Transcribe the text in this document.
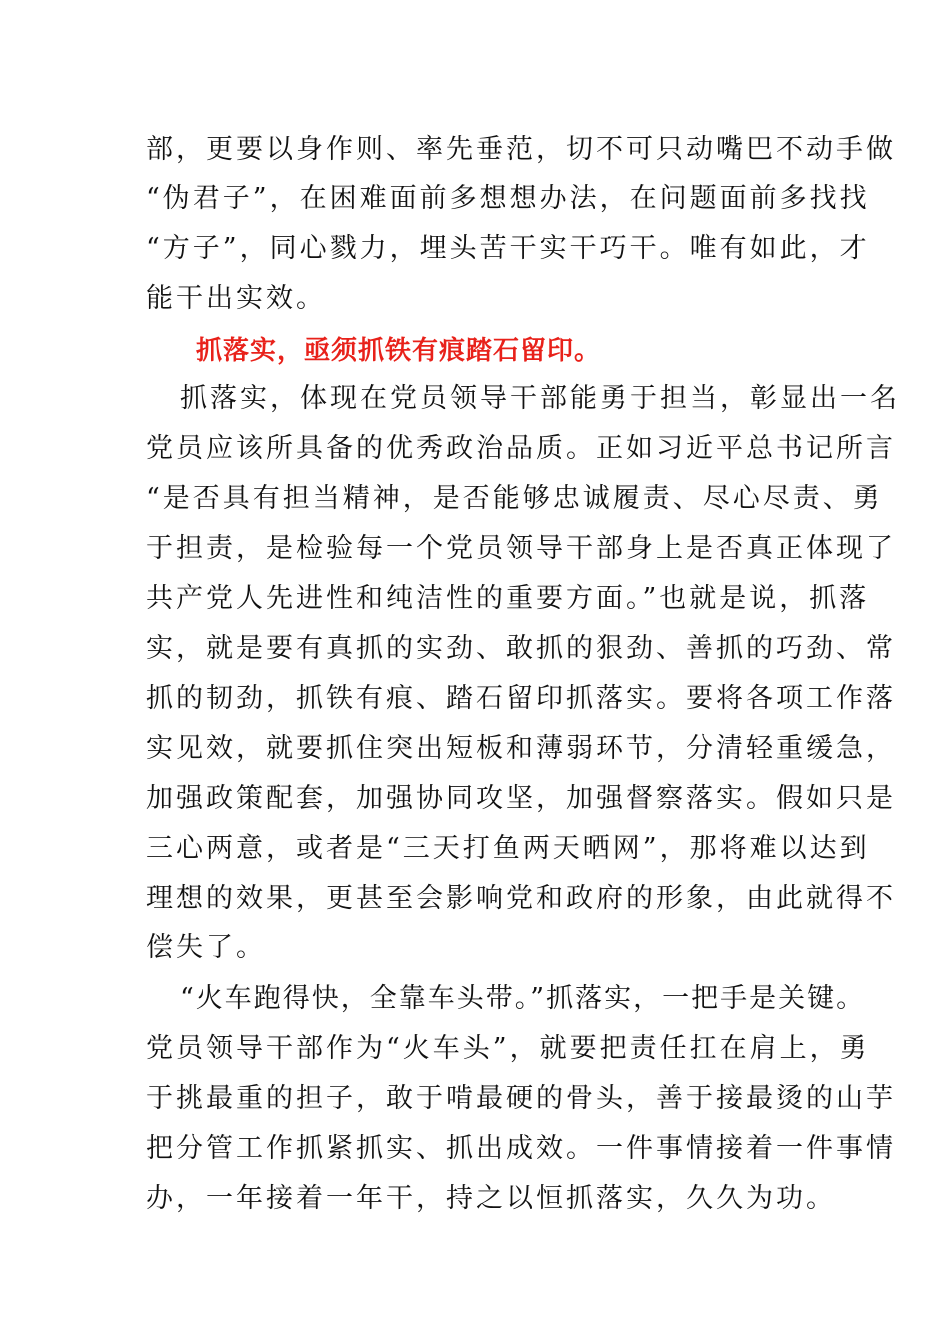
部，更要以身作则、率先垂范，切不可只动嘴巴不动手做
“伪君子”，在困难面前多想想办法，在问题面前多找找
“方子”，同心戮力，埋头苦干实干巧干。唯有如此，才
能干出实效。
抓落实，亟须抓铁有痕踏石留印。
抓落实，体现在党员领导干部能勇于担当，彰显出一名
党员应该所具备的优秀政治品质。正如习近平总书记所言
“是否具有担当精神，是否能够忠诚履责、尽心尽责、勇
于担责，是检验每一个党员领导干部身上是否真正体现了
共产党人先进性和纯洁性的重要方面。”也就是说，抓落
实，就是要有真抓的实劲、敢抓的狠劲、善抓的巧劲、常
抓的韧劲，抓铁有痕、踏石留印抓落实。要将各项工作落
实见效，就要抓住突出短板和薄弱环节，分清轻重缓急，
加强政策配套，加强协同攻坚，加强督察落实。假如只是
三心两意，或者是“三天打鱼两天晒网”，那将难以达到
理想的效果，更甚至会影响党和政府的形象，由此就得不
偿失了。
“火车跑得快，全靠车头带。”抓落实，一把手是关键。
党员领导干部作为“火车头”，就要把责任扛在肩上，勇
于挑最重的担子，敢于啃最硬的骨头，善于接最烫的山芋
把分管工作抓紧抓实、抓出成效。一件事情接着一件事情
办，一年接着一年干，持之以恒抓落实，久久为功。
